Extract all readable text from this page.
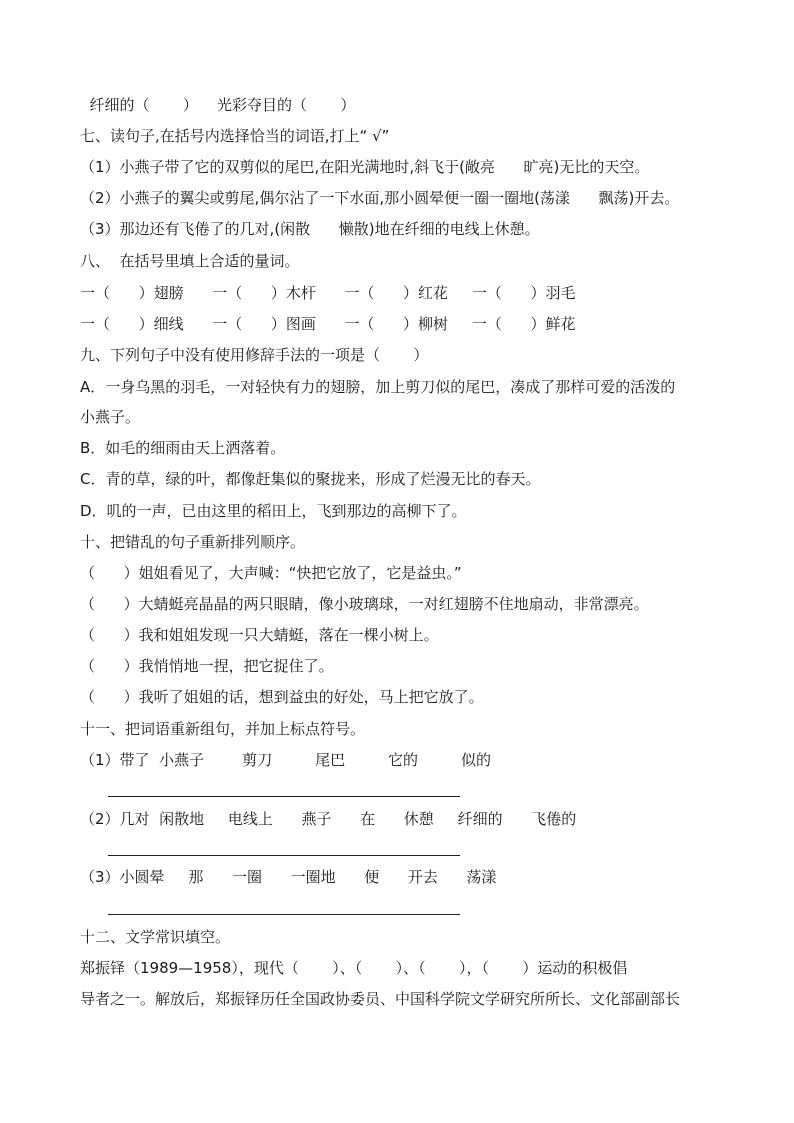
纤细的（       ）    光彩夺目的（       ）
七、读句子,在括号内选择恰当的词语,打上“ √”
（1）小燕子带了它的双剪似的尾巴,在阳光满地时,斜飞于(敞亮      旷亮)无比的天空。
（2）小燕子的翼尖或剪尾,偶尔沾了一下水面,那小圆晕便一圈一圈地(荡漾      飘荡)开去。
（3）那边还有飞倦了的几对,(闲散      懒散)地在纤细的电线上休憩。
八、  在括号里填上合适的量词。
一（      ）翅膀      一（      ）木杆      一（      ）红花     一（      ）羽毛
一（      ）细线      一（      ）图画      一（      ）柳树     一（      ）鲜花
九、下列句子中没有使用修辞手法的一项是（       ）
A．一身乌黑的羽毛，一对轻快有力的翅膀，加上剪刀似的尾巴，凑成了那样可爱的活泼的
小燕子。
B．如毛的细雨由天上洒落着。
C．青的草，绿的叶，都像赶集似的聚拢来，形成了烂漫无比的春天。
D．叽的一声，已由这里的稻田上，飞到那边的高柳下了。
十、把错乱的句子重新排列顺序。
（      ）姐姐看见了，大声喊：“快把它放了，它是益虫。”
（      ）大蜻蜓亮晶晶的两只眼睛，像小玻璃球，一对红翅膀不住地扇动，非常漂亮。
（      ）我和姐姐发现一只大蜻蜓，落在一棵小树上。
（      ）我悄悄地一捏，把它捉住了。
（      ）我听了姐姐的话，想到益虫的好处，马上把它放了。
十一、把词语重新组句，并加上标点符号。
（1）带了  小燕子        剪刀         尾巴         它的         似的
（2）几对  闲散地     电线上      燕子      在      休憩     纤细的      飞倦的
（3）小圆晕     那      一圈      一圈地      便      开去      荡漾
十二、文学常识填空。
郑振铎（1989—1958），现代（       ）、（       ）、（       ），（       ）运动的积极倡
导者之一。解放后，郑振铎历任全国政协委员、中国科学院文学研究所所长、文化部副部长
